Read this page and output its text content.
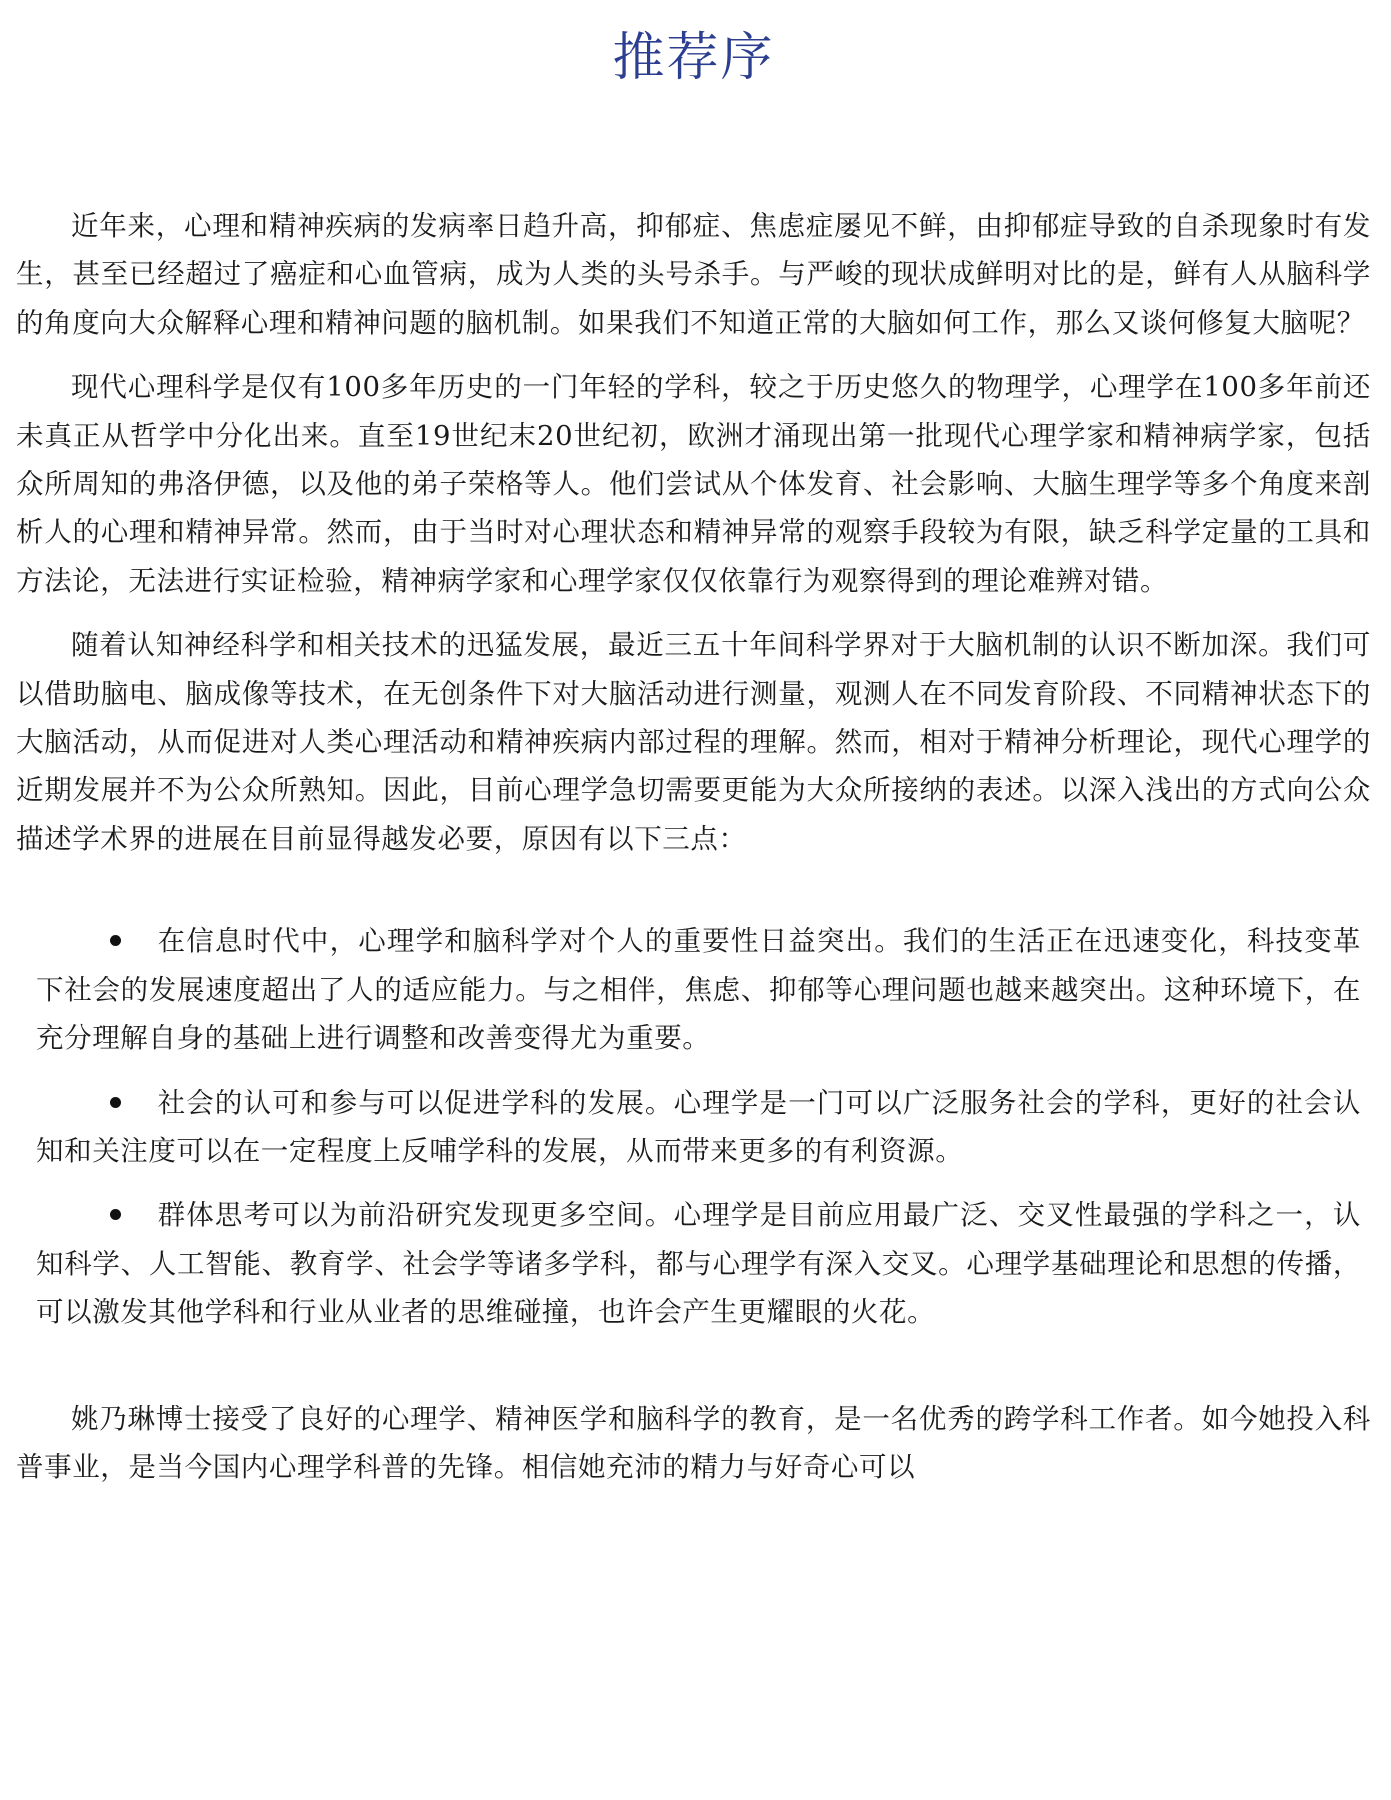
推荐序

近年来，心理和精神疾病的发病率日趋升高，抑郁症、焦虑症屡见不鲜，由抑郁症导致的自杀现象时有发生，甚至已经超过了癌症和心血管病，成为人类的头号杀手。与严峻的现状成鲜明对比的是，鲜有人从脑科学的角度向大众解释心理和精神问题的脑机制。如果我们不知道正常的大脑如何工作，那么又谈何修复大脑呢？

现代心理科学是仅有100多年历史的一门年轻的学科，较之于历史悠久的物理学，心理学在100多年前还未真正从哲学中分化出来。直至19世纪末20世纪初，欧洲才涌现出第一批现代心理学家和精神病学家，包括众所周知的弗洛伊德，以及他的弟子荣格等人。他们尝试从个体发育、社会影响、大脑生理学等多个角度来剖析人的心理和精神异常。然而，由于当时对心理状态和精神异常的观察手段较为有限，缺乏科学定量的工具和方法论，无法进行实证检验，精神病学家和心理学家仅仅依靠行为观察得到的理论难辨对错。

随着认知神经科学和相关技术的迅猛发展，最近三五十年间科学界对于大脑机制的认识不断加深。我们可以借助脑电、脑成像等技术，在无创条件下对大脑活动进行测量，观测人在不同发育阶段、不同精神状态下的大脑活动，从而促进对人类心理活动和精神疾病内部过程的理解。然而，相对于精神分析理论，现代心理学的近期发展并不为公众所熟知。因此，目前心理学急切需要更能为大众所接纳的表述。以深入浅出的方式向公众描述学术界的进展在目前显得越发必要，原因有以下三点：

在信息时代中，心理学和脑科学对个人的重要性日益突出。我们的生活正在迅速变化，科技变革下社会的发展速度超出了人的适应能力。与之相伴，焦虑、抑郁等心理问题也越来越突出。这种环境下，在充分理解自身的基础上进行调整和改善变得尤为重要。
社会的认可和参与可以促进学科的发展。心理学是一门可以广泛服务社会的学科，更好的社会认知和关注度可以在一定程度上反哺学科的发展，从而带来更多的有利资源。
群体思考可以为前沿研究发现更多空间。心理学是目前应用最广泛、交叉性最强的学科之一，认知科学、人工智能、教育学、社会学等诸多学科，都与心理学有深入交叉。心理学基础理论和思想的传播，可以激发其他学科和行业从业者的思维碰撞，也许会产生更耀眼的火花。

姚乃琳博士接受了良好的心理学、精神医学和脑科学的教育，是一名优秀的跨学科工作者。如今她投入科普事业，是当今国内心理学科普的先锋。相信她充沛的精力与好奇心可以
